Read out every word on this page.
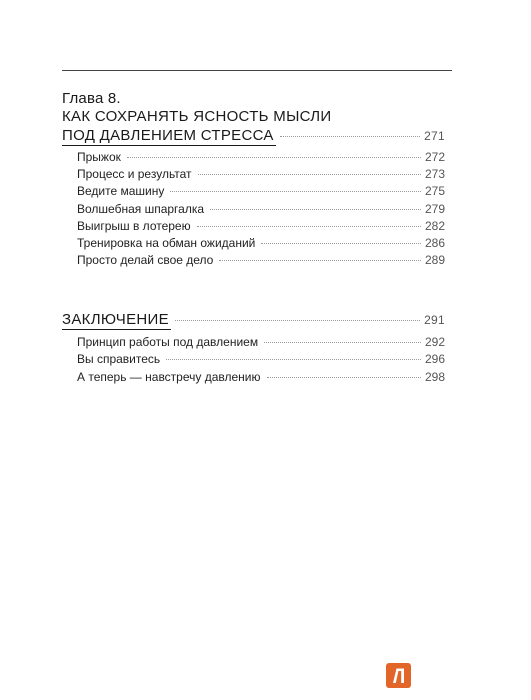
Глава 8.
КАК СОХРАНЯТЬ ЯСНОСТЬ МЫСЛИ
ПОД ДАВЛЕНИЕМ СТРЕССА	271
Прыжок	272
Процесс и результат	273
Ведите машину	275
Волшебная шпаргалка	279
Выигрыш в лотерею	282
Тренировка на обман ожиданий	286
Просто делай свое дело	289
ЗАКЛЮЧЕНИЕ	291
Принцип работы под давлением	292
Вы справитесь	296
А теперь — навстречу давлению	298
